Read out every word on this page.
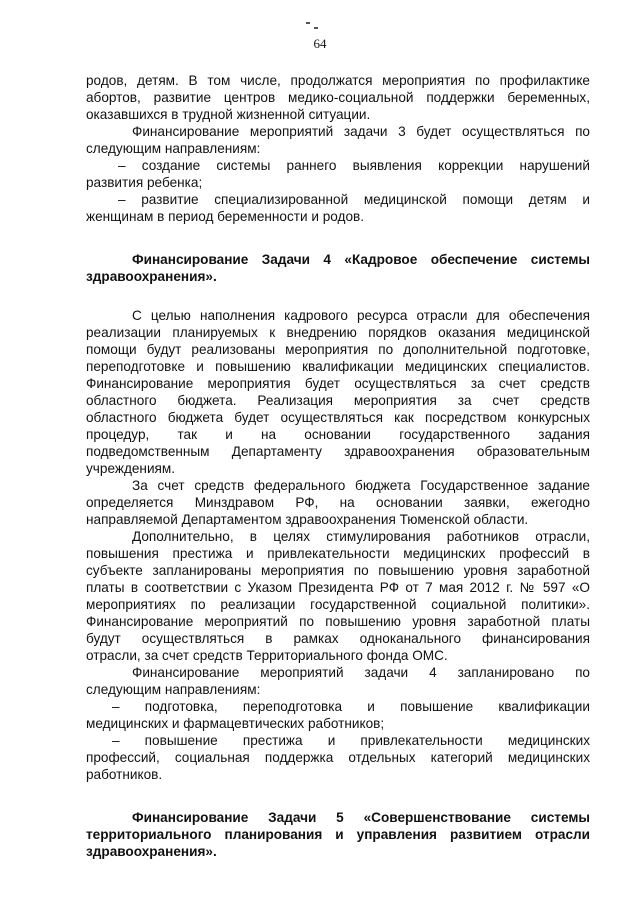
64
родов, детям. В том числе, продолжатся мероприятия по профилактике
абортов, развитие центров медико-социальной поддержки беременных,
оказавшихся в трудной жизненной ситуации.
Финансирование мероприятий задачи 3 будет осуществляться по
следующим направлениям:
– создание системы раннего выявления коррекции нарушений
развития ребенка;
– развитие специализированной медицинской помощи детям и
женщинам в период беременности и родов.
Финансирование Задачи 4 «Кадровое обеспечение системы
здравоохранения».
С целью наполнения кадрового ресурса отрасли для обеспечения
реализации планируемых к внедрению порядков оказания медицинской
помощи будут реализованы мероприятия по дополнительной подготовке,
переподготовке и повышению квалификации медицинских специалистов.
Финансирование мероприятия будет осуществляться за счет средств
областного бюджета. Реализация мероприятия за счет средств
областного бюджета будет осуществляться как посредством конкурсных
процедур, так и на основании государственного задания
подведомственным Департаменту здравоохранения образовательным
учреждениям.
За счет средств федерального бюджета Государственное задание
определяется Минздравом РФ, на основании заявки, ежегодно
направляемой Департаментом здравоохранения Тюменской области.
Дополнительно, в целях стимулирования работников отрасли,
повышения престижа и привлекательности медицинских профессий в
субъекте запланированы мероприятия по повышению уровня заработной
платы в соответствии с Указом Президента РФ от 7 мая 2012 г. № 597 «О
мероприятиях по реализации государственной социальной политики».
Финансирование мероприятий по повышению уровня заработной платы
будут осуществляться в рамках одноканального финансирования
отрасли, за счет средств Территориального фонда ОМС.
Финансирование мероприятий задачи 4 запланировано по
следующим направлениям:
– подготовка, переподготовка и повышение квалификации
медицинских и фармацевтических работников;
– повышение престижа и привлекательности медицинских
профессий, социальная поддержка отдельных категорий медицинских
работников.
Финансирование Задачи 5 «Совершенствование системы
территориального планирования и управления развитием отрасли
здравоохранения».
